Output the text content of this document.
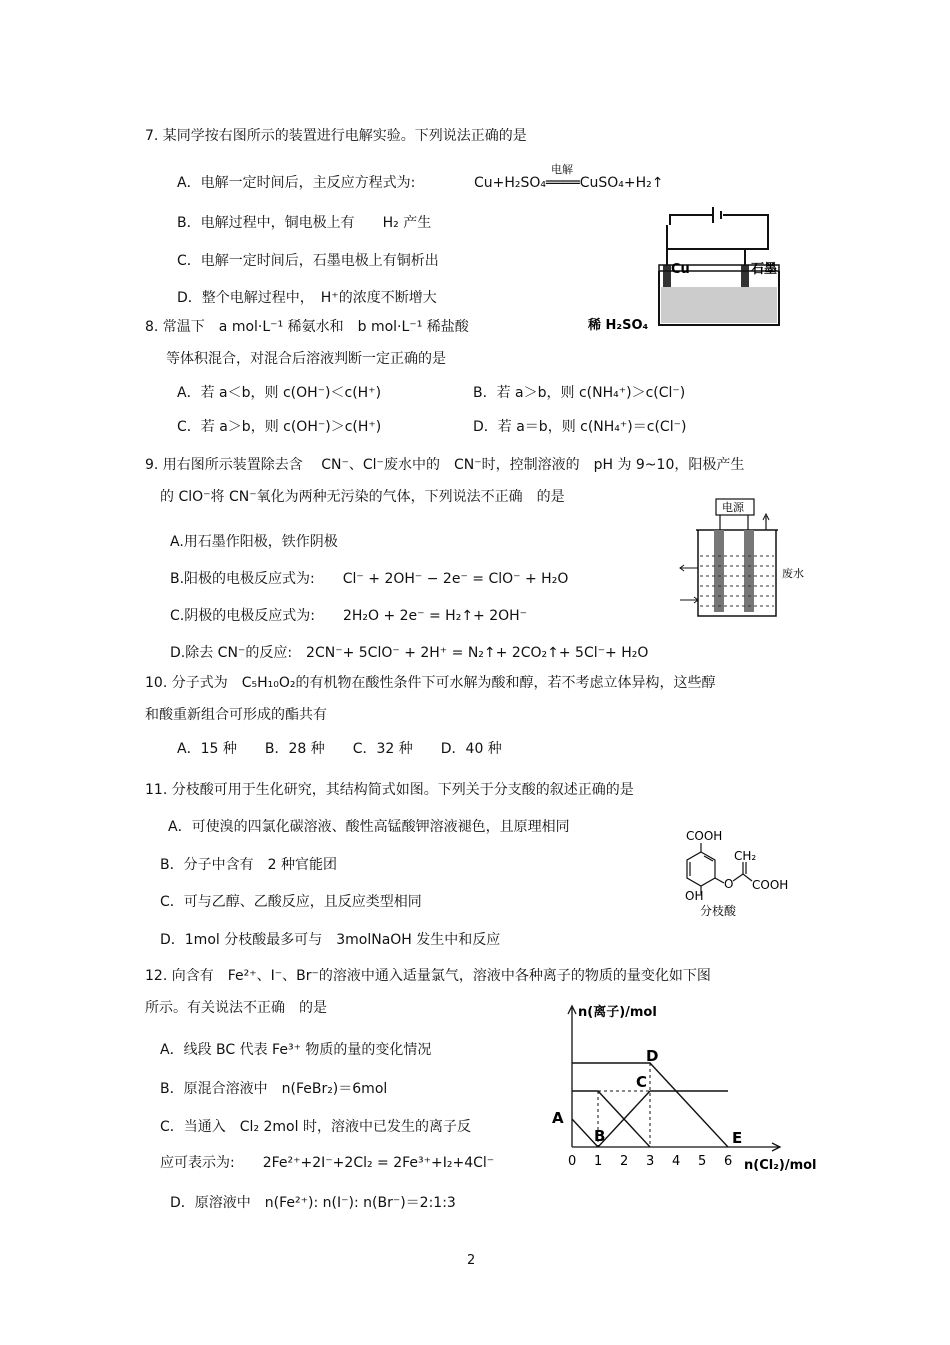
7. 某同学按右图所示的装置进行电解实验。下列说法正确的是
A．电解一定时间后，主反应方程式为:
电解
Cu+H₂SO₄════CuSO₄+H₂↑
B．电解过程中，铜电极上有　　H₂ 产生
C．电解一定时间后，石墨电极上有铜析出
D．整个电解过程中，　H⁺的浓度不断增大
Cu	石墨
稀 H₂SO₄
8. 常温下　a mol·L⁻¹ 稀氨水和　b mol·L⁻¹ 稀盐酸
等体积混合，对混合后溶液判断一定正确的是
A．若 a＜b，则 c(OH⁻)＜c(H⁺)	B．若 a＞b，则 c(NH₄⁺)＞c(Cl⁻)
C．若 a＞b，则 c(OH⁻)＞c(H⁺)	D．若 a＝b，则 c(NH₄⁺)＝c(Cl⁻)
9. 用右图所示装置除去含　 CN⁻、Cl⁻废水中的　CN⁻时，控制溶液的　pH 为 9~10，阳极产生
的 ClO⁻将 CN⁻氧化为两种无污染的气体，下列说法不正确　的是
A.用石墨作阳极，铁作阴极
B.阳极的电极反应式为:　　Cl⁻ + 2OH⁻ − 2e⁻ = ClO⁻ + H₂O
C.阴极的电极反应式为:　　2H₂O + 2e⁻ = H₂↑+ 2OH⁻
D.除去 CN⁻的反应:　2CN⁻+ 5ClO⁻ + 2H⁺ = N₂↑+ 2CO₂↑+ 5Cl⁻+ H₂O
电源
废水
10. 分子式为　C₅H₁₀O₂的有机物在酸性条件下可水解为酸和醇，若不考虑立体异构，这些醇
和酸重新组合可形成的酯共有
A．15 种　　B．28 种　　C．32 种　　D．40 种
11. 分枝酸可用于生化研究，其结构简式如图。下列关于分支酸的叙述正确的是
A．可使溴的四氯化碳溶液、酸性高锰酸钾溶液褪色，且原理相同
B．分子中含有　2 种官能团
C．可与乙醇、乙酸反应，且反应类型相同
D．1mol 分枝酸最多可与　3molNaOH 发生中和反应
COOH
O
CH₂
COOH
OH
分枝酸
12. 向含有　Fe²⁺、I⁻、Br⁻的溶液中通入适量氯气，溶液中各种离子的物质的量变化如下图
所示。有关说法不正确　的是
A．线段 BC 代表 Fe³⁺ 物质的量的变化情况
B．原混合溶液中　n(FeBr₂)＝6mol
C．当通入　Cl₂ 2mol 时，溶液中已发生的离子反
应可表示为:　　2Fe²⁺+2I⁻+2Cl₂ = 2Fe³⁺+I₂+4Cl⁻
D．原溶液中　n(Fe²⁺): n(I⁻): n(Br⁻)＝2:1:3
n(离子)/mol
n(Cl₂)/mol
0 1 2 3 4 5 6
A
B
C
D
E
2
